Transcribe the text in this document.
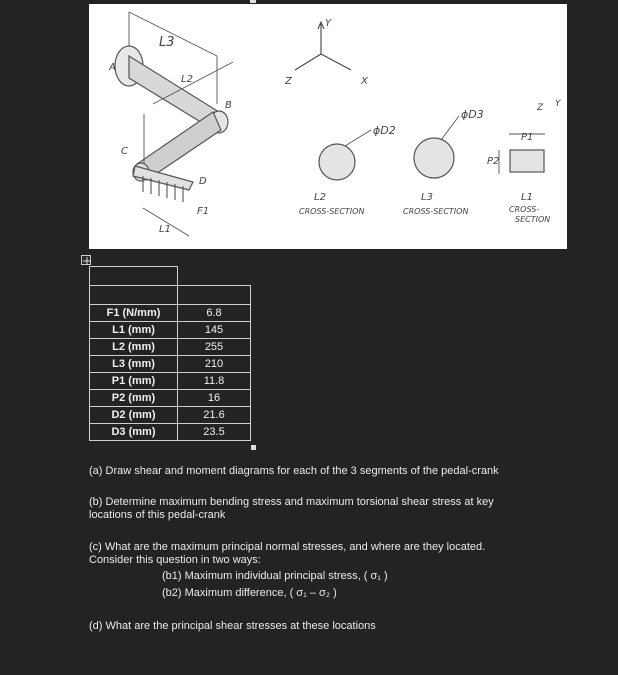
L3
L2
L1
A
B
C
D
F1
Y
Z	X
ϕD2
L2
CROSS-SECTION
ϕD3
L3
CROSS-SECTION
P1
P2
Z Y
L1
CROSS-
SECTION

F1 (N/mm)	6.8
L1 (mm)	145
L2 (mm)	255
L3 (mm)	210
P1 (mm)	11.8
P2 (mm)	16
D2 (mm)	21.6
D3 (mm)	23.5
(a) Draw shear and moment diagrams for each of the 3 segments of the pedal-crank
(b) Determine maximum bending stress and maximum torsional shear stress at key
locations of this pedal-crank
(c) What are the maximum principal normal stresses, and where are they located.
Consider this question in two ways:
(b1) Maximum individual principal stress, ( σ₁ )
(b2) Maximum difference, ( σ₁ – σ₂ )
(d) What are the principal shear stresses at these locations
